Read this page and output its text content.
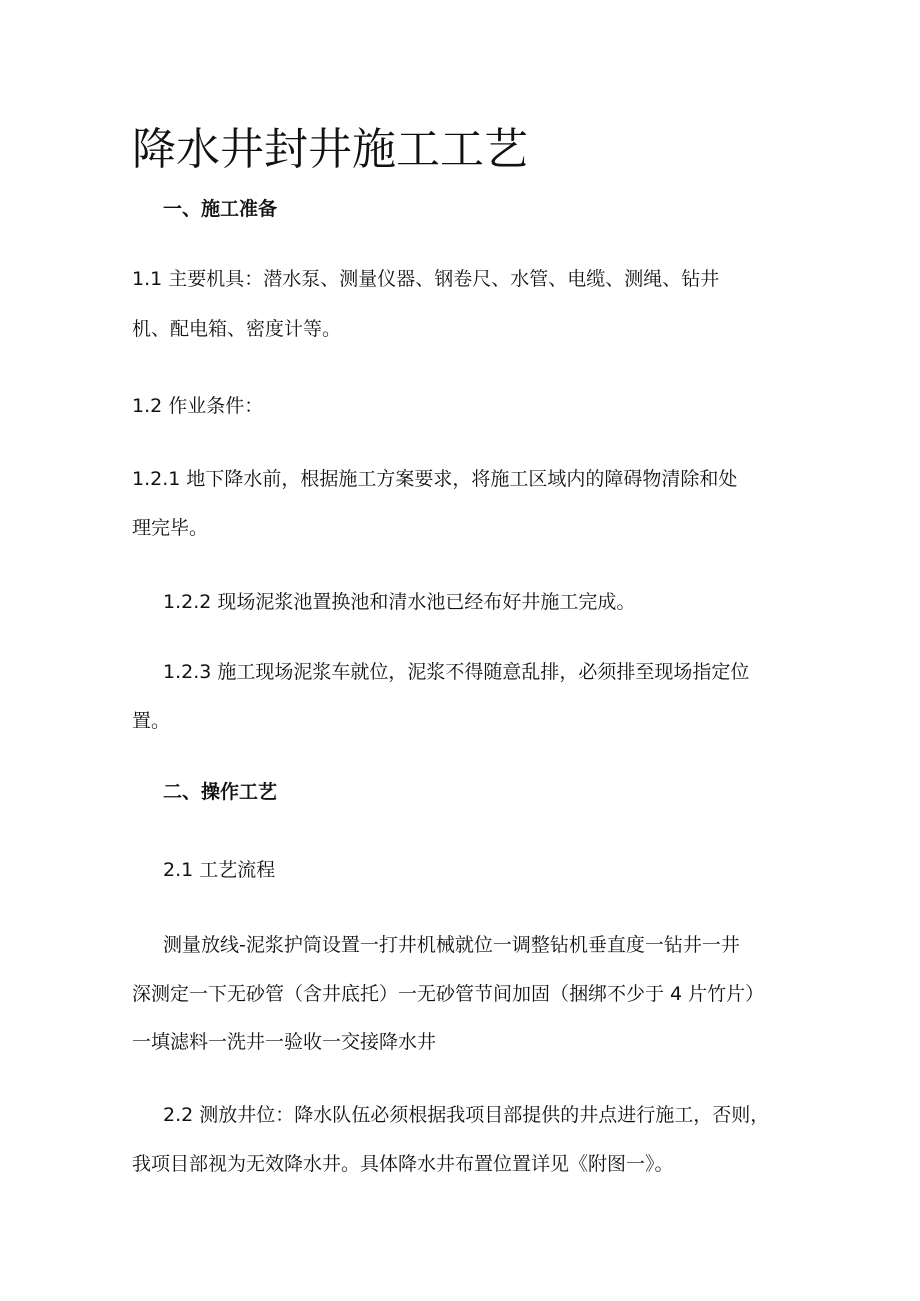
降水井封井施工工艺
一、施工准备
1.1 主要机具：潜水泵、测量仪器、钢卷尺、水管、电缆、测绳、钻井
机、配电箱、密度计等。
1.2 作业条件：
1.2.1 地下降水前，根据施工方案要求，将施工区域内的障碍物清除和处
理完毕。
1.2.2 现场泥浆池置换池和清水池已经布好井施工完成。
1.2.3 施工现场泥浆车就位，泥浆不得随意乱排，必须排至现场指定位
置。
二、操作工艺
2.1 工艺流程
测量放线-泥浆护筒设置一打井机械就位一调整钻机垂直度一钻井一井
深测定一下无砂管（含井底托）一无砂管节间加固（捆绑不少于 4 片竹片）
一填滤料一洗井一验收一交接降水井
2.2 测放井位：降水队伍必须根据我项目部提供的井点进行施工，否则，
我项目部视为无效降水井。具体降水井布置位置详见《附图一》。
